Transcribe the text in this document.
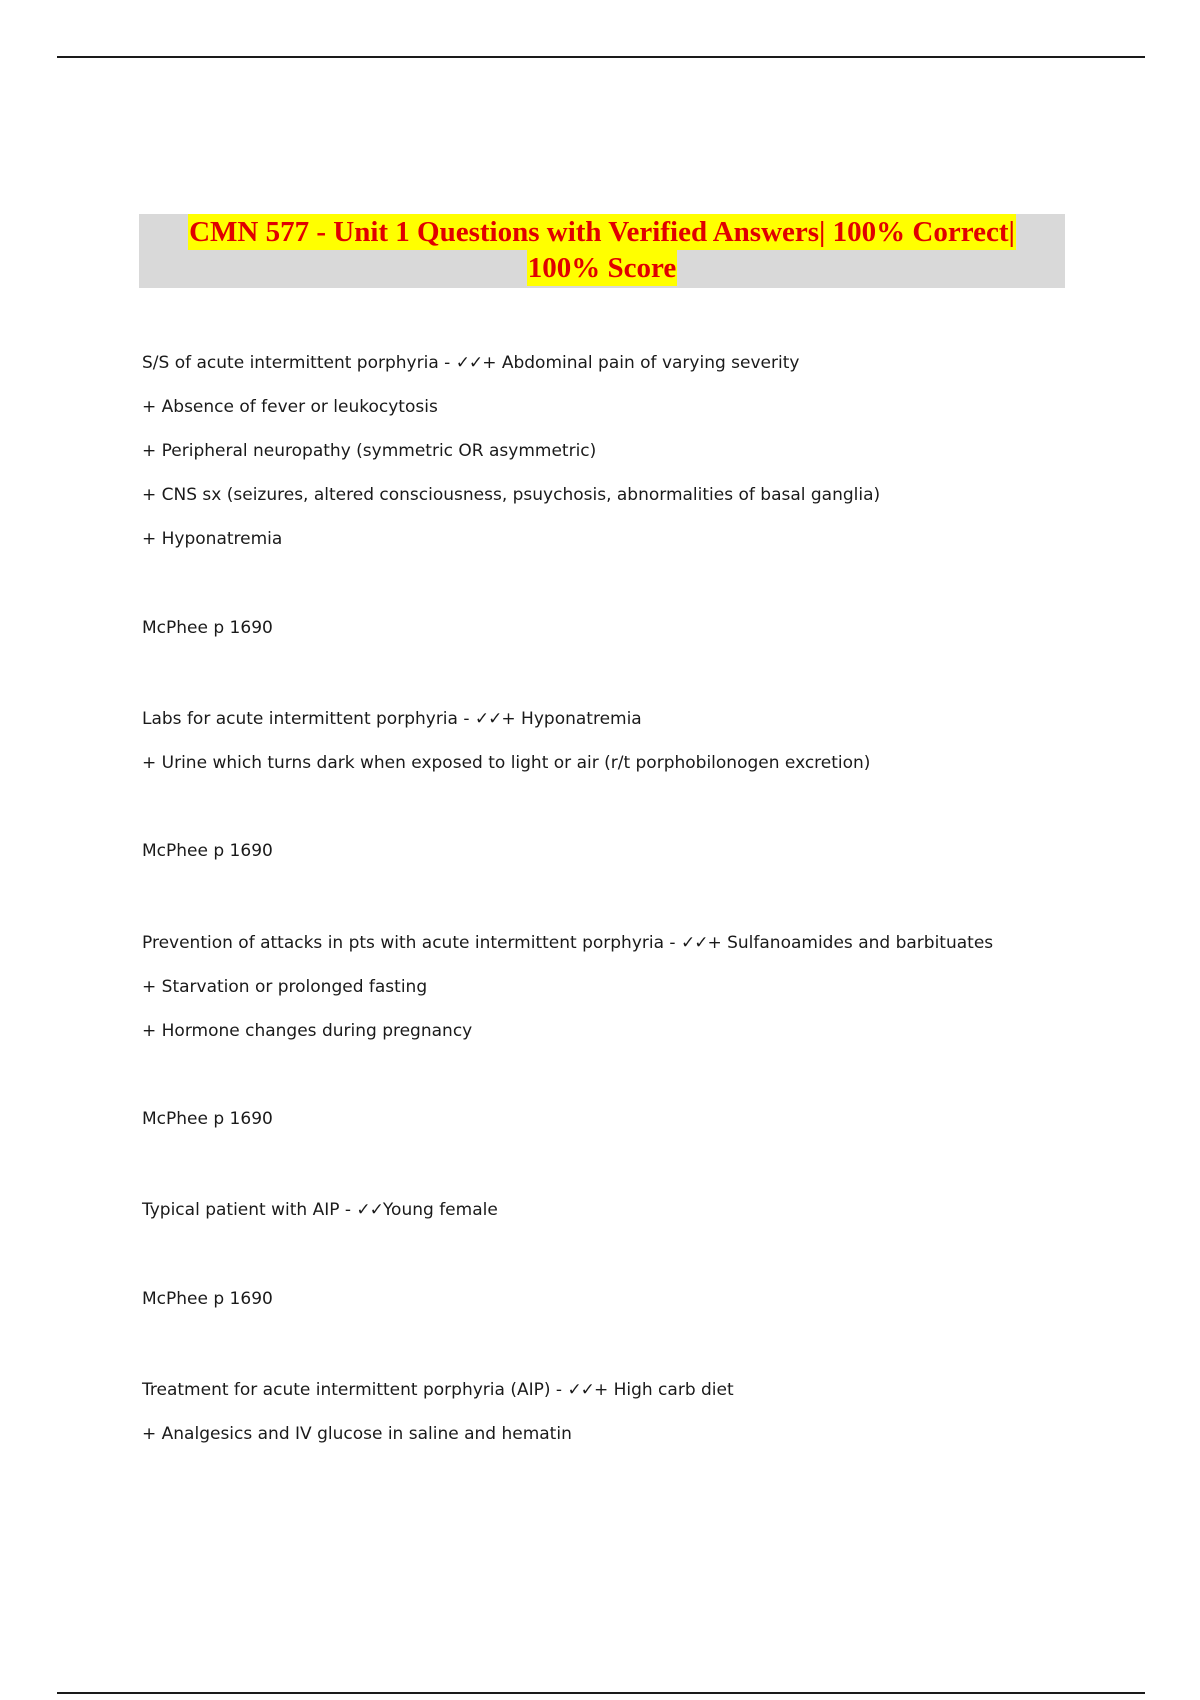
CMN 577 - Unit 1 Questions with Verified Answers| 100% Correct|
100% Score
S/S of acute intermittent porphyria - ✓✓+ Abdominal pain of varying severity
+ Absence of fever or leukocytosis
+ Peripheral neuropathy (symmetric OR asymmetric)
+ CNS sx (seizures, altered consciousness, psuychosis, abnormalities of basal ganglia)
+ Hyponatremia
McPhee p 1690
Labs for acute intermittent porphyria - ✓✓+ Hyponatremia
+ Urine which turns dark when exposed to light or air (r/t porphobilonogen excretion)
McPhee p 1690
Prevention of attacks in pts with acute intermittent porphyria - ✓✓+ Sulfanoamides and barbituates
+ Starvation or prolonged fasting
+ Hormone changes during pregnancy
McPhee p 1690
Typical patient with AIP - ✓✓Young female
McPhee p 1690
Treatment for acute intermittent porphyria (AIP) - ✓✓+ High carb diet
+ Analgesics and IV glucose in saline and hematin
